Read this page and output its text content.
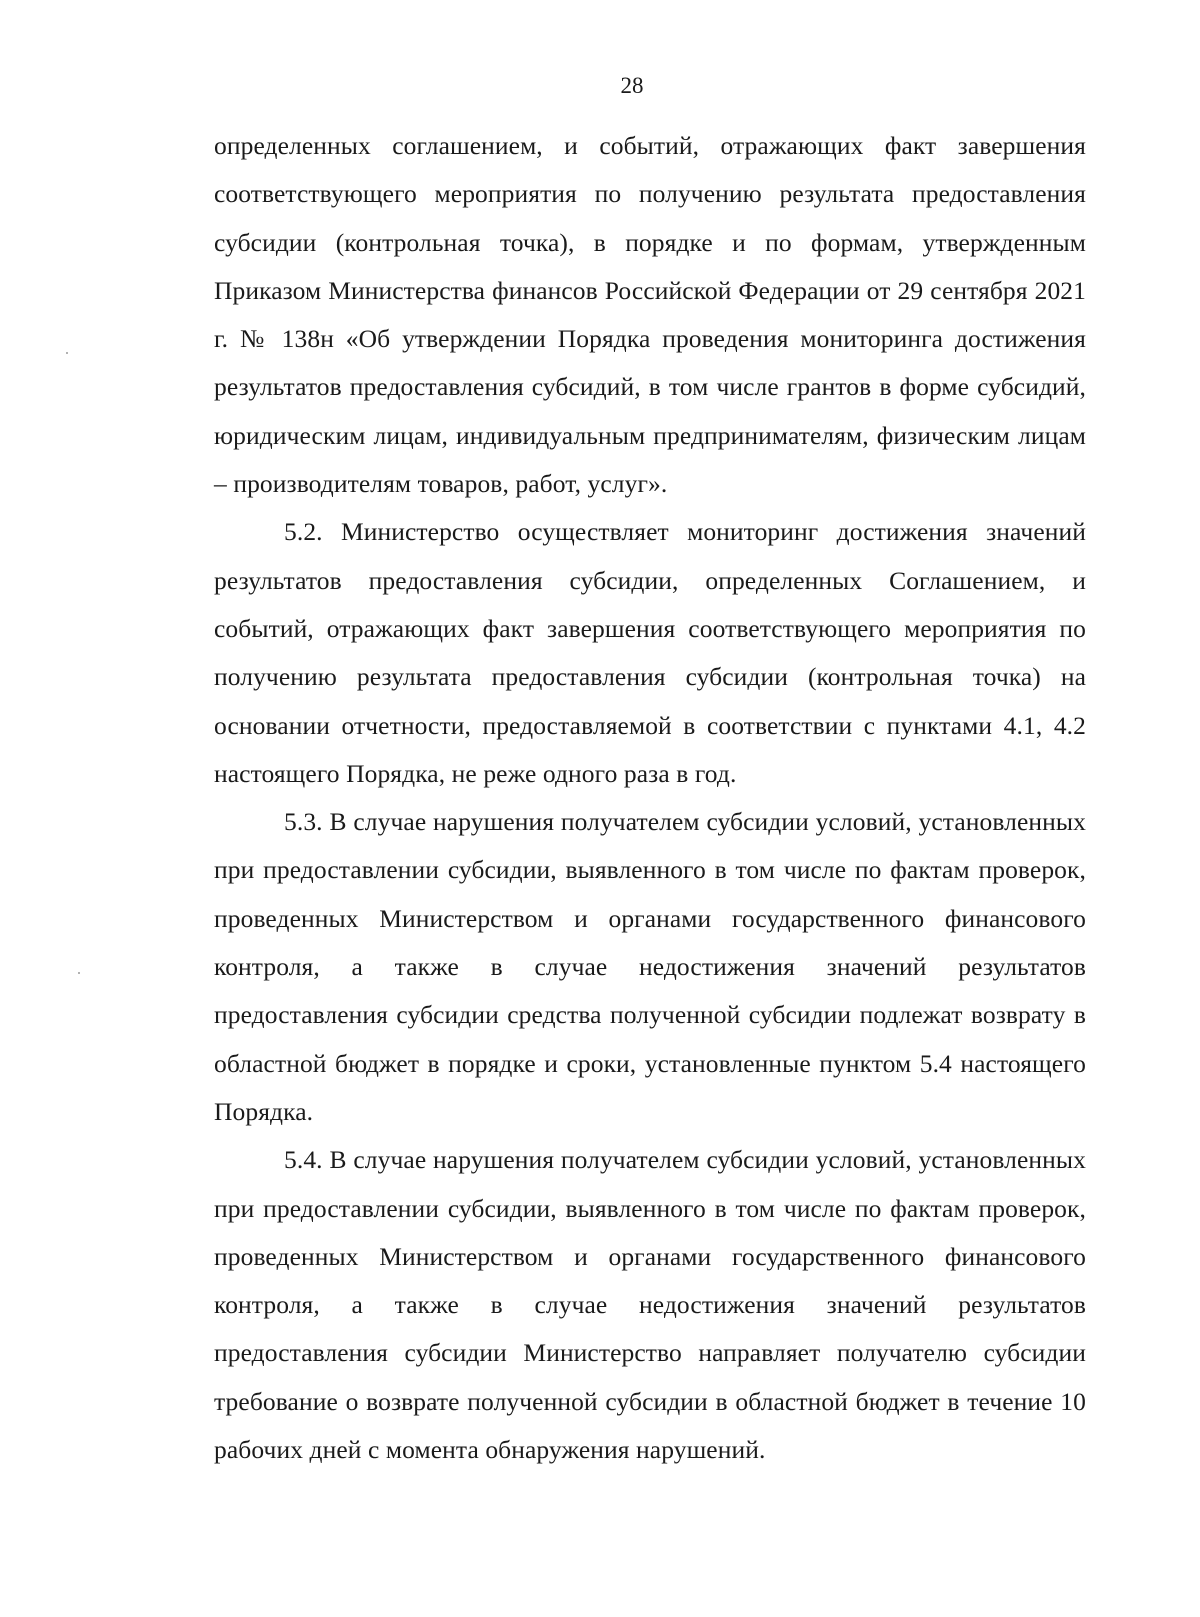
28

определенных соглашением, и событий, отражающих факт завершения соответствующего мероприятия по получению результата предоставления субсидии (контрольная точка), в порядке и по формам, утвержденным Приказом Министерства финансов Российской Федерации от 29 сентября 2021 г. № 138н «Об утверждении Порядка проведения мониторинга достижения результатов предоставления субсидий, в том числе грантов в форме субсидий, юридическим лицам, индивидуальным предпринимателям, физическим лицам – производителям товаров, работ, услуг».

5.2. Министерство осуществляет мониторинг достижения значений результатов предоставления субсидии, определенных Соглашением, и событий, отражающих факт завершения соответствующего мероприятия по получению результата предоставления субсидии (контрольная точка) на основании отчетности, предоставляемой в соответствии с пунктами 4.1, 4.2 настоящего Порядка, не реже одного раза в год.

5.3. В случае нарушения получателем субсидии условий, установленных при предоставлении субсидии, выявленного в том числе по фактам проверок, проведенных Министерством и органами государственного финансового контроля, а также в случае недостижения значений результатов предоставления субсидии средства полученной субсидии подлежат возврату в областной бюджет в порядке и сроки, установленные пунктом 5.4 настоящего Порядка.

5.4. В случае нарушения получателем субсидии условий, установленных при предоставлении субсидии, выявленного в том числе по фактам проверок, проведенных Министерством и органами государственного финансового контроля, а также в случае недостижения значений результатов предоставления субсидии Министерство направляет получателю субсидии требование о возврате полученной субсидии в областной бюджет в течение 10 рабочих дней с момента обнаружения нарушений.
